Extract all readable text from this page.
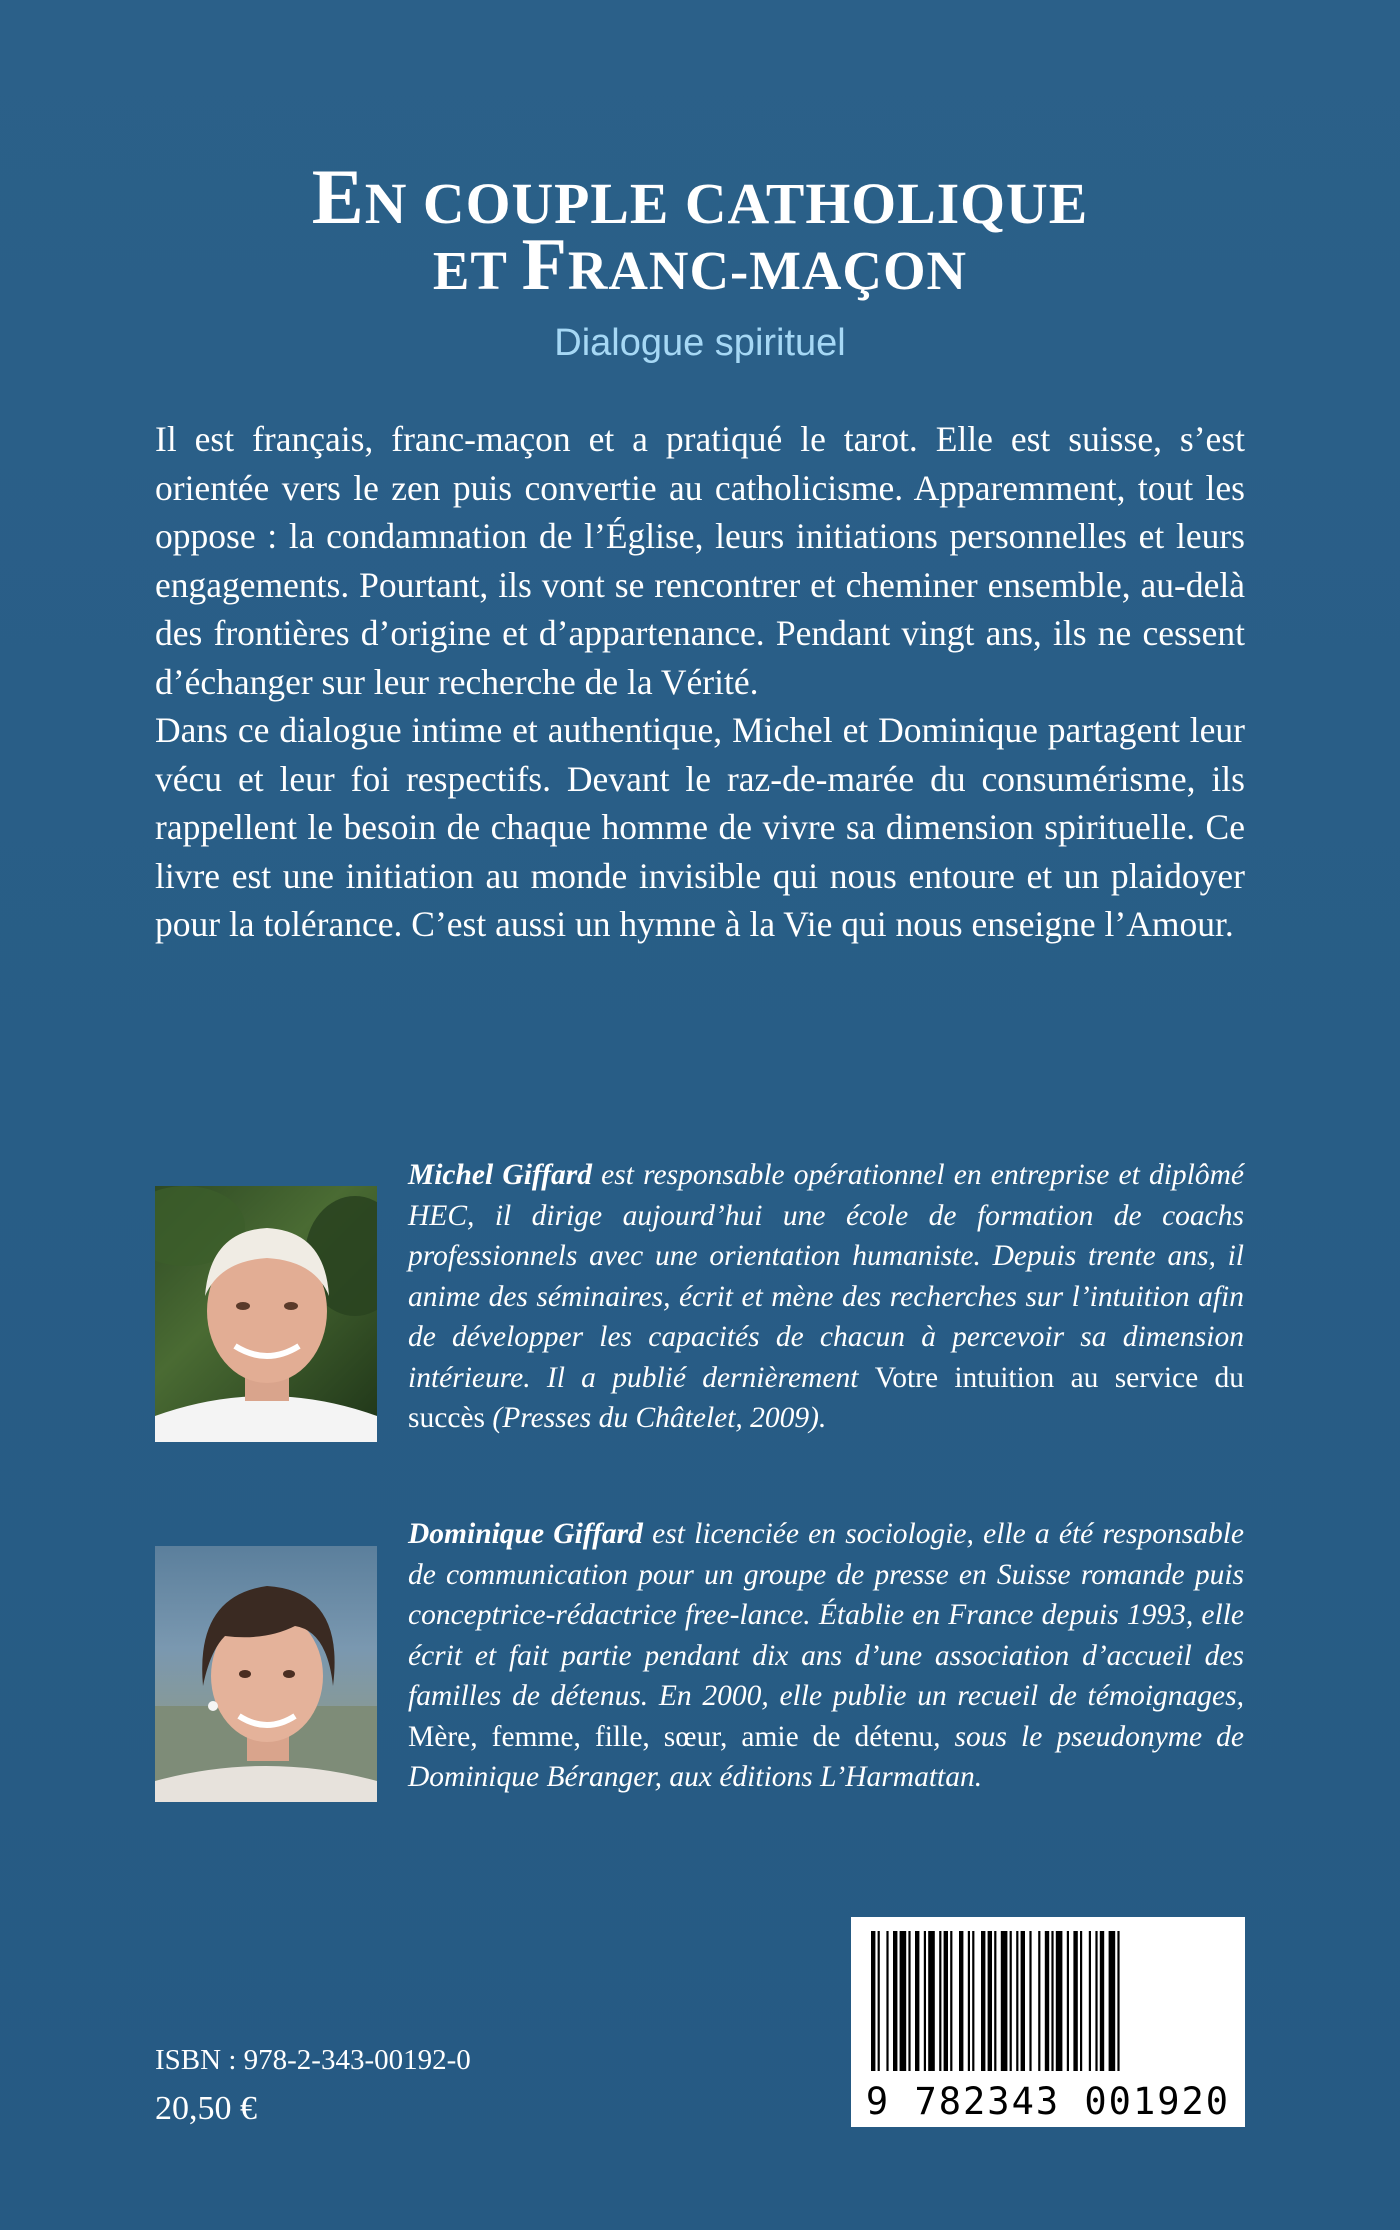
EN COUPLE CATHOLIQUE
ET FRANC-MAÇON
Dialogue spirituel

Il est français, franc-maçon et a pratiqué le tarot. Elle est suisse, s’est orientée vers le zen puis convertie au catholicisme. Apparemment, tout les oppose : la condamnation de l’Église, leurs initiations personnelles et leurs engagements. Pourtant, ils vont se rencontrer et cheminer ensemble, au-delà des frontières d’origine et d’appartenance. Pendant vingt ans, ils ne cessent d’échanger sur leur recherche de la Vérité.

Dans ce dialogue intime et authentique, Michel et Dominique partagent leur vécu et leur foi respectifs. Devant le raz-de-marée du consumérisme, ils rappellent le besoin de chaque homme de vivre sa dimension spirituelle. Ce livre est une initiation au monde invisible qui nous entoure et un plaidoyer pour la tolérance. C’est aussi un hymne à la Vie qui nous enseigne l’Amour.

Michel Giffard est responsable opérationnel en entreprise et diplômé HEC, il dirige aujourd’hui une école de formation de coachs professionnels avec une orientation humaniste. Depuis trente ans, il anime des séminaires, écrit et mène des recherches sur l’intuition afin de développer les capacités de chacun à percevoir sa dimension intérieure. Il a publié dernièrement Votre intuition au service du succès (Presses du Châtelet, 2009).

Dominique Giffard est licenciée en sociologie, elle a été responsable de communication pour un groupe de presse en Suisse romande puis conceptrice-rédactrice free-lance. Établie en France depuis 1993, elle écrit et fait partie pendant dix ans d’une association d’accueil des familles de détenus. En 2000, elle publie un recueil de témoignages, Mère, femme, fille, sœur, amie de détenu, sous le pseudonyme de Dominique Béranger, aux éditions L’Harmattan.

ISBN : 978-2-343-00192-0
20,50 €	9 782343 001920
